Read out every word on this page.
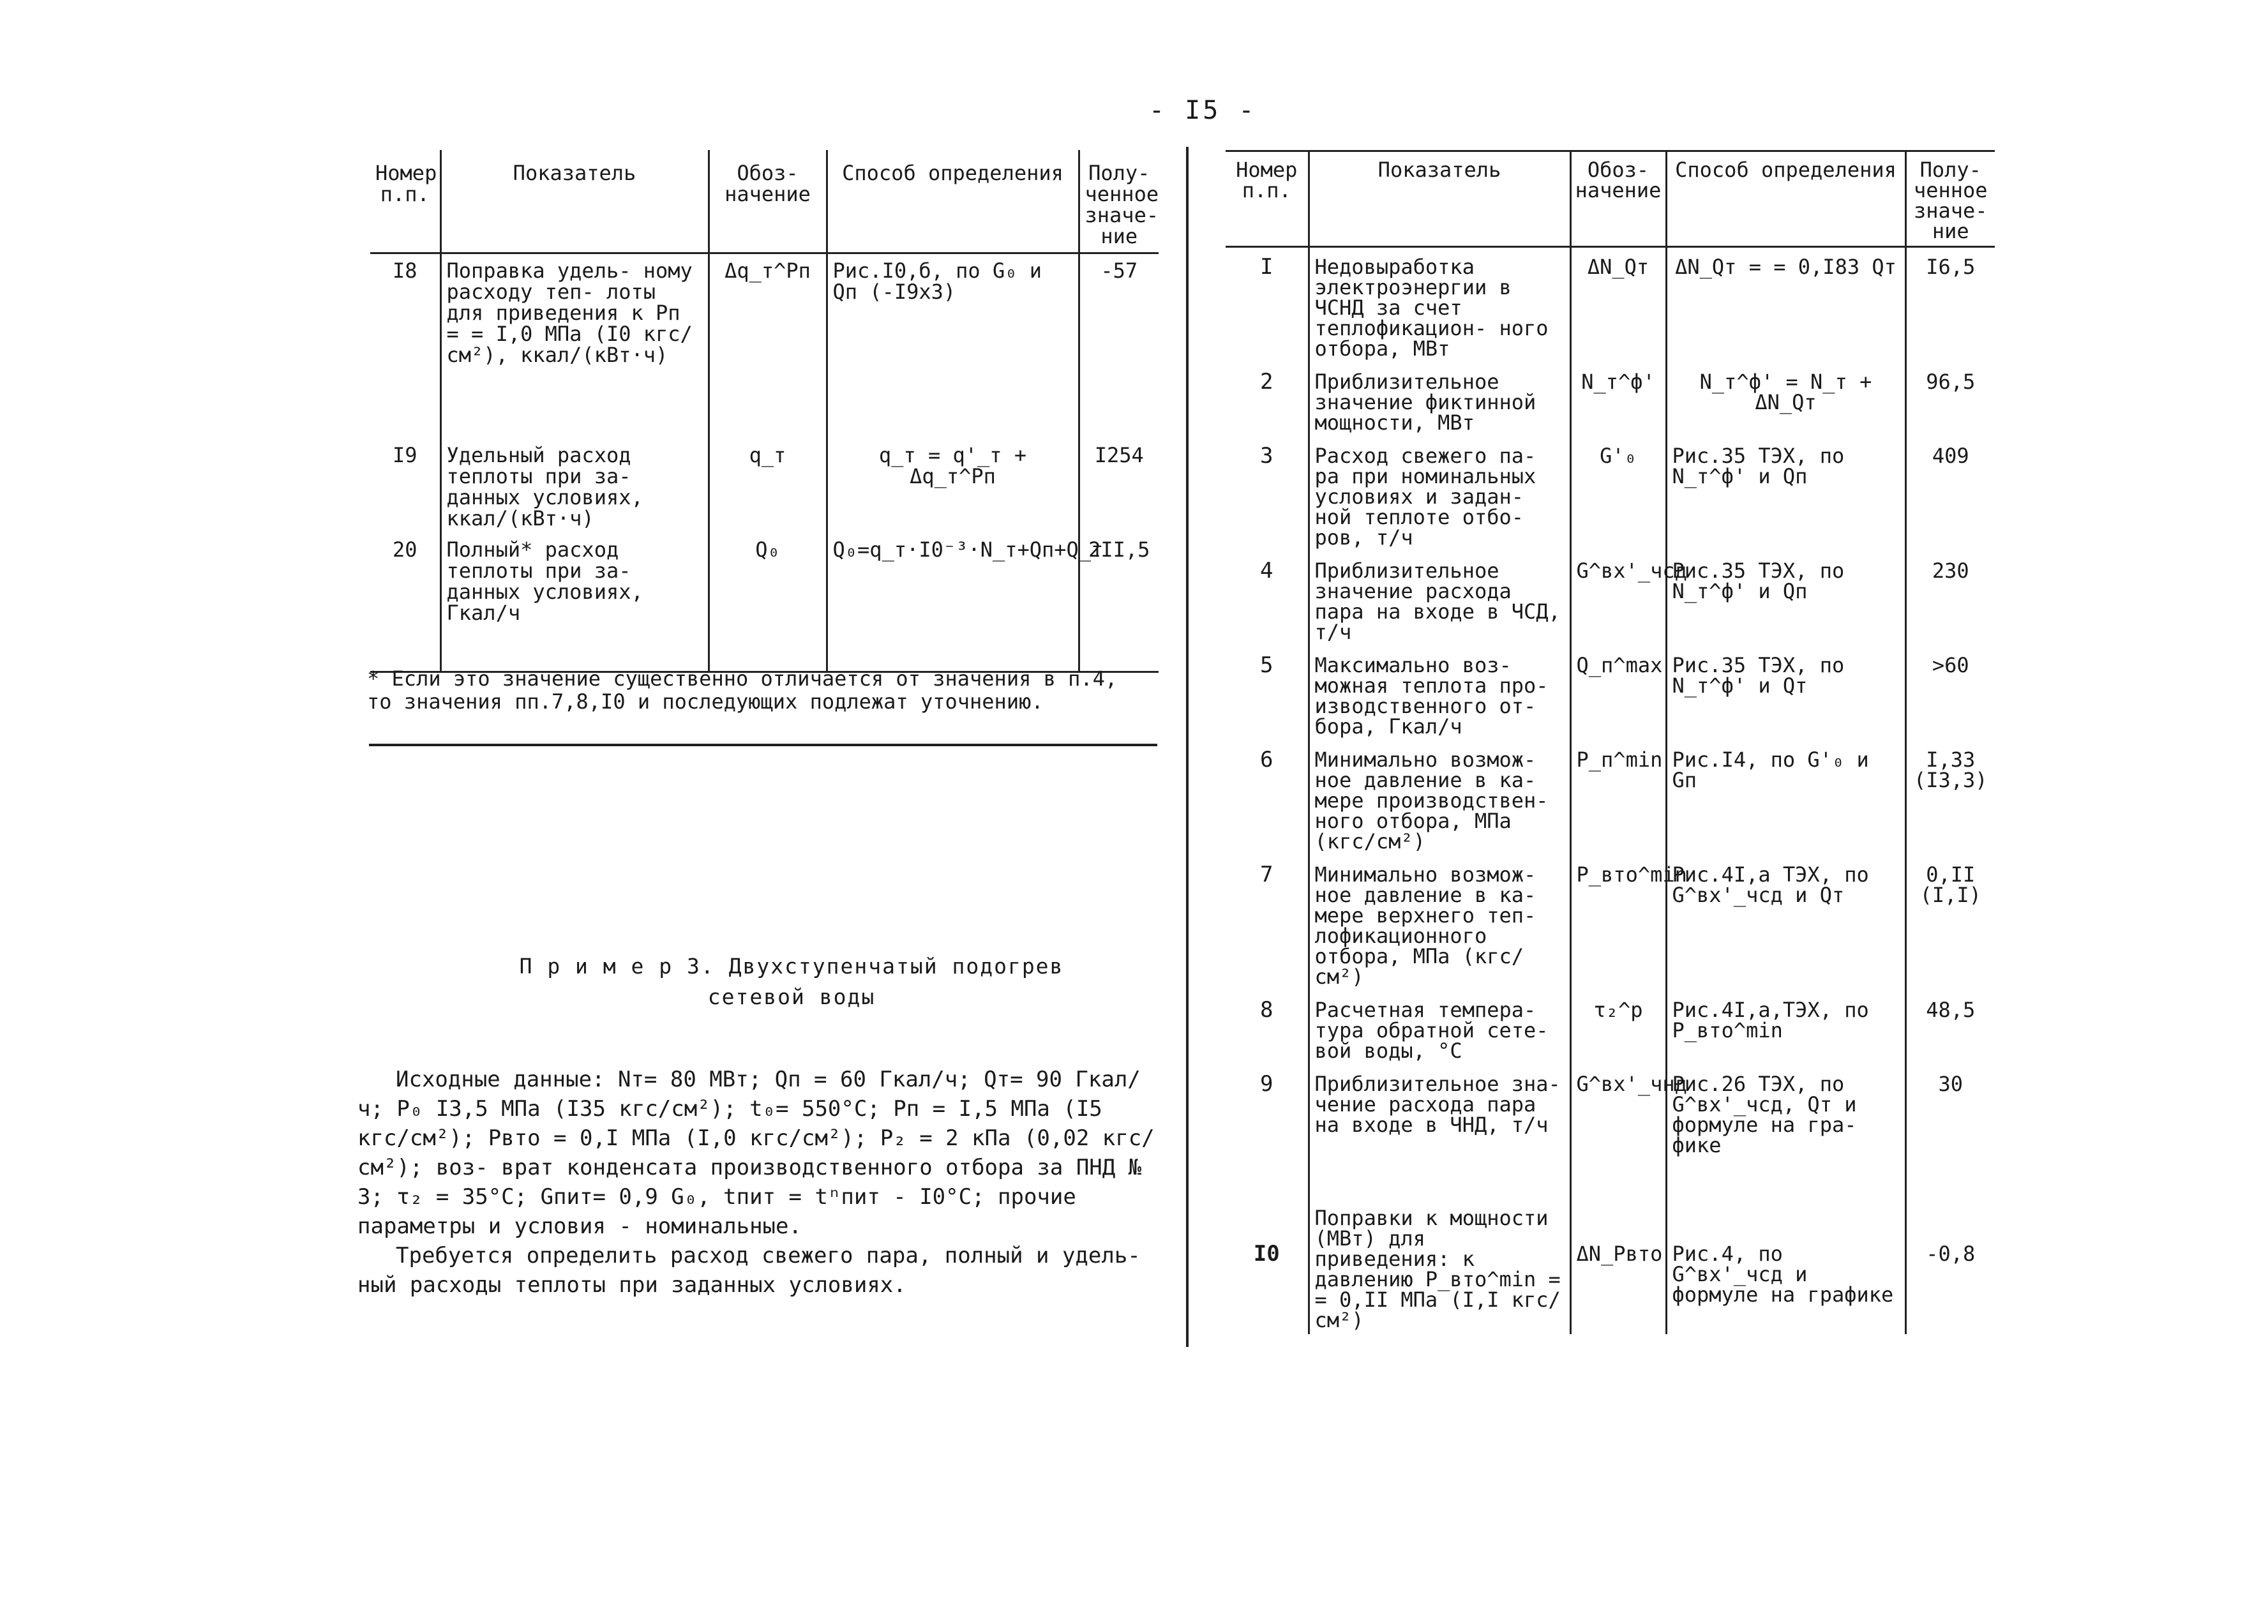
- I5 -
Номер п.п.	Показатель	Обоз- начение	Способ определения	Полу- ченное значе- ние
I8	Поправка удель- ному расходу теп- лоты для приведения к Pп = = I,0 МПа (I0 кгс/см²), ккал/(кВт·ч)	Δq_т^Pп	Рис.I0,б, по G₀ и Qп (-I9х3)	-57
I9	Удельный расход теплоты при за- данных условиях, ккал/(кВт·ч)	q_т	q_т = q'_т + Δq_т^Pп	I254
20	Полный* расход теплоты при за- данных условиях, Гкал/ч	Q₀	Q₀=q_т·I0⁻³·N_т+Qп+Q_т	2II,5
* Если это значение существенно отличается от значения в п.4, то значения пп.7,8,I0 и последующих подлежат уточнению.
П р и м е р 3. Двухступенчатый подогрев
сетевой воды

Исходные данные: Nт= 80 МВт; Qп = 60 Гкал/ч; Qт= 90 Гкал/ч; P₀ I3,5 МПа (I35 кгс/см²); t₀= 550°С; Pп = I,5 МПа (I5 кгс/см²); Pвто = 0,I МПа (I,0 кгс/см²); P₂ = 2 кПа (0,02 кгс/см²); воз- врат конденсата производственного отбора за ПНД № 3; τ₂ = 35°С; Gпит= 0,9 G₀, tпит = tⁿпит - I0°С; прочие параметры и условия - номинальные.

Требуется определить расход свежего пара, полный и удель- ный расходы теплоты при заданных условиях.

Номер п.п.	Показатель	Обоз- начение	Способ определения	Полу- ченное значе- ние
I	Недовыработка электроэнергии в ЧСНД за счет теплофикацион- ного отбора, МВт	ΔN_Qт	ΔN_Qт = = 0,I83 Qт	I6,5
2	Приблизительное значение фиктинной мощности, МВт	N_т^ф'	N_т^ф' = N_т + ΔN_Qт	96,5
3	Расход свежего па- ра при номинальных условиях и задан- ной теплоте отбо- ров, т/ч	G'₀	Рис.35 ТЭХ, по N_т^ф' и Qп	409
4	Приблизительное значение расхода пара на входе в ЧСД, т/ч	G^вх'_чсд	Рис.35 ТЭХ, по N_т^ф' и Qп	230
5	Максимально воз- можная теплота про- изводственного от- бора, Гкал/ч	Q_п^max	Рис.35 ТЭХ, по N_т^ф' и Qт	>60
6	Минимально возмож- ное давление в ка- мере производствен- ного отбора, МПа (кгс/см²)	P_п^min	Рис.I4, по G'₀ и Gп	I,33 (I3,3)
7	Минимально возмож- ное давление в ка- мере верхнего теп- лофикационного отбора, МПа (кгс/см²)	P_вто^min	Рис.4I,а ТЭХ, по G^вх'_чсд и Qт	0,II (I,I)
8	Расчетная темпера- тура обратной сете- вой воды, °С	τ₂^р	Рис.4I,а,ТЭХ, по P_вто^min	48,5
9	Приблизительное зна- чение расхода пара на входе в ЧНД, т/ч	G^вх'_чнд	Рис.26 ТЭХ, по G^вх'_чсд, Qт и формуле на гра- фике	30
I0	Поправки к мощности (МВт) для приведения: к давлению P_вто^min = = 0,II МПа (I,I кгс/см²)	ΔN_Pвто	Рис.4, по G^вх'_чсд и формуле на графике	-0,8
